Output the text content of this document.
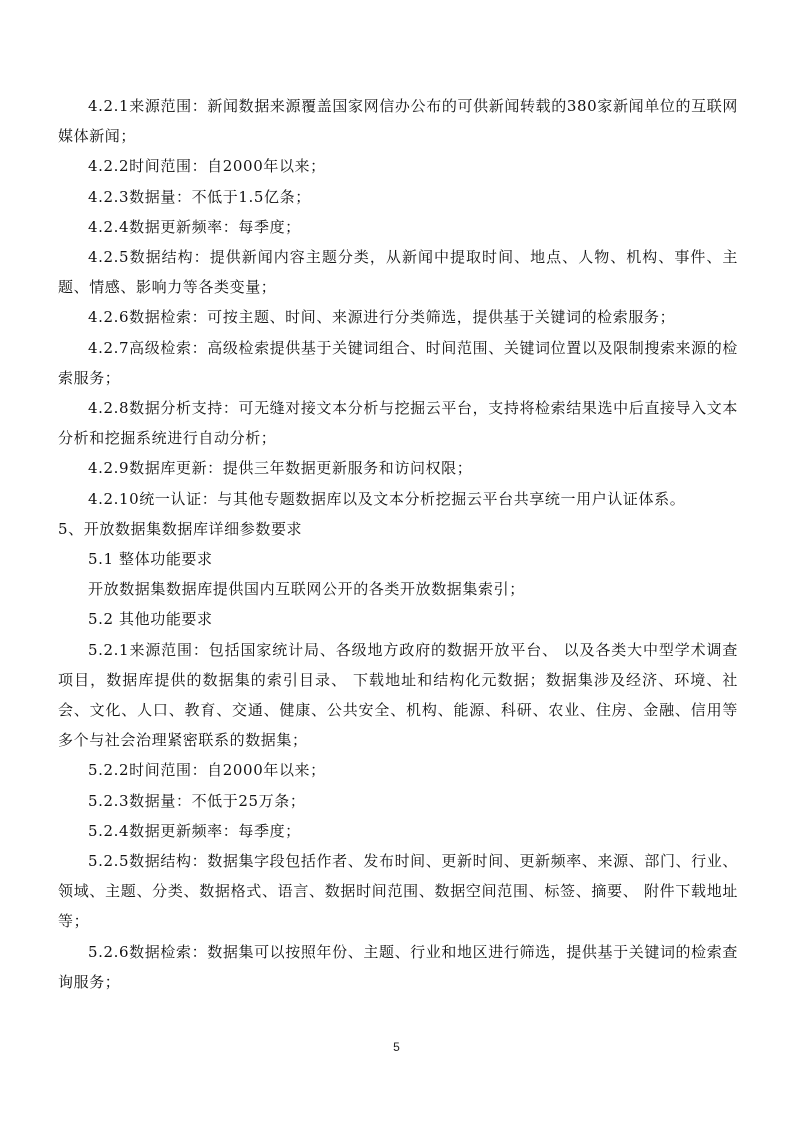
4.2.1来源范围：新闻数据来源覆盖国家网信办公布的可供新闻转载的380家新闻单位的互联网媒体新闻；

4.2.2时间范围：自2000年以来；

4.2.3数据量：不低于1.5亿条；

4.2.4数据更新频率：每季度；

4.2.5数据结构：提供新闻内容主题分类，从新闻中提取时间、地点、人物、机构、事件、主题、情感、影响力等各类变量；

4.2.6数据检索：可按主题、时间、来源进行分类筛选，提供基于关键词的检索服务；

4.2.7高级检索：高级检索提供基于关键词组合、时间范围、关键词位置以及限制搜索来源的检索服务；

4.2.8数据分析支持：可无缝对接文本分析与挖掘云平台，支持将检索结果选中后直接导入文本分析和挖掘系统进行自动分析；

4.2.9数据库更新：提供三年数据更新服务和访问权限；

4.2.10统一认证：与其他专题数据库以及文本分析挖掘云平台共享统一用户认证体系。

5、开放数据集数据库详细参数要求

5.1 整体功能要求

开放数据集数据库提供国内互联网公开的各类开放数据集索引；

5.2 其他功能要求

5.2.1来源范围：包括国家统计局、各级地方政府的数据开放平台、 以及各类大中型学术调查项目，数据库提供的数据集的索引目录、 下载地址和结构化元数据；数据集涉及经济、环境、社会、文化、人口、教育、交通、健康、公共安全、机构、能源、科研、农业、住房、金融、信用等多个与社会治理紧密联系的数据集；

5.2.2时间范围：自2000年以来；

5.2.3数据量：不低于25万条；

5.2.4数据更新频率：每季度；

5.2.5数据结构：数据集字段包括作者、发布时间、更新时间、更新频率、来源、部门、行业、领域、主题、分类、数据格式、语言、数据时间范围、数据空间范围、标签、摘要、 附件下载地址等；

5.2.6数据检索：数据集可以按照年份、主题、行业和地区进行筛选，提供基于关键词的检索查询服务；

5
